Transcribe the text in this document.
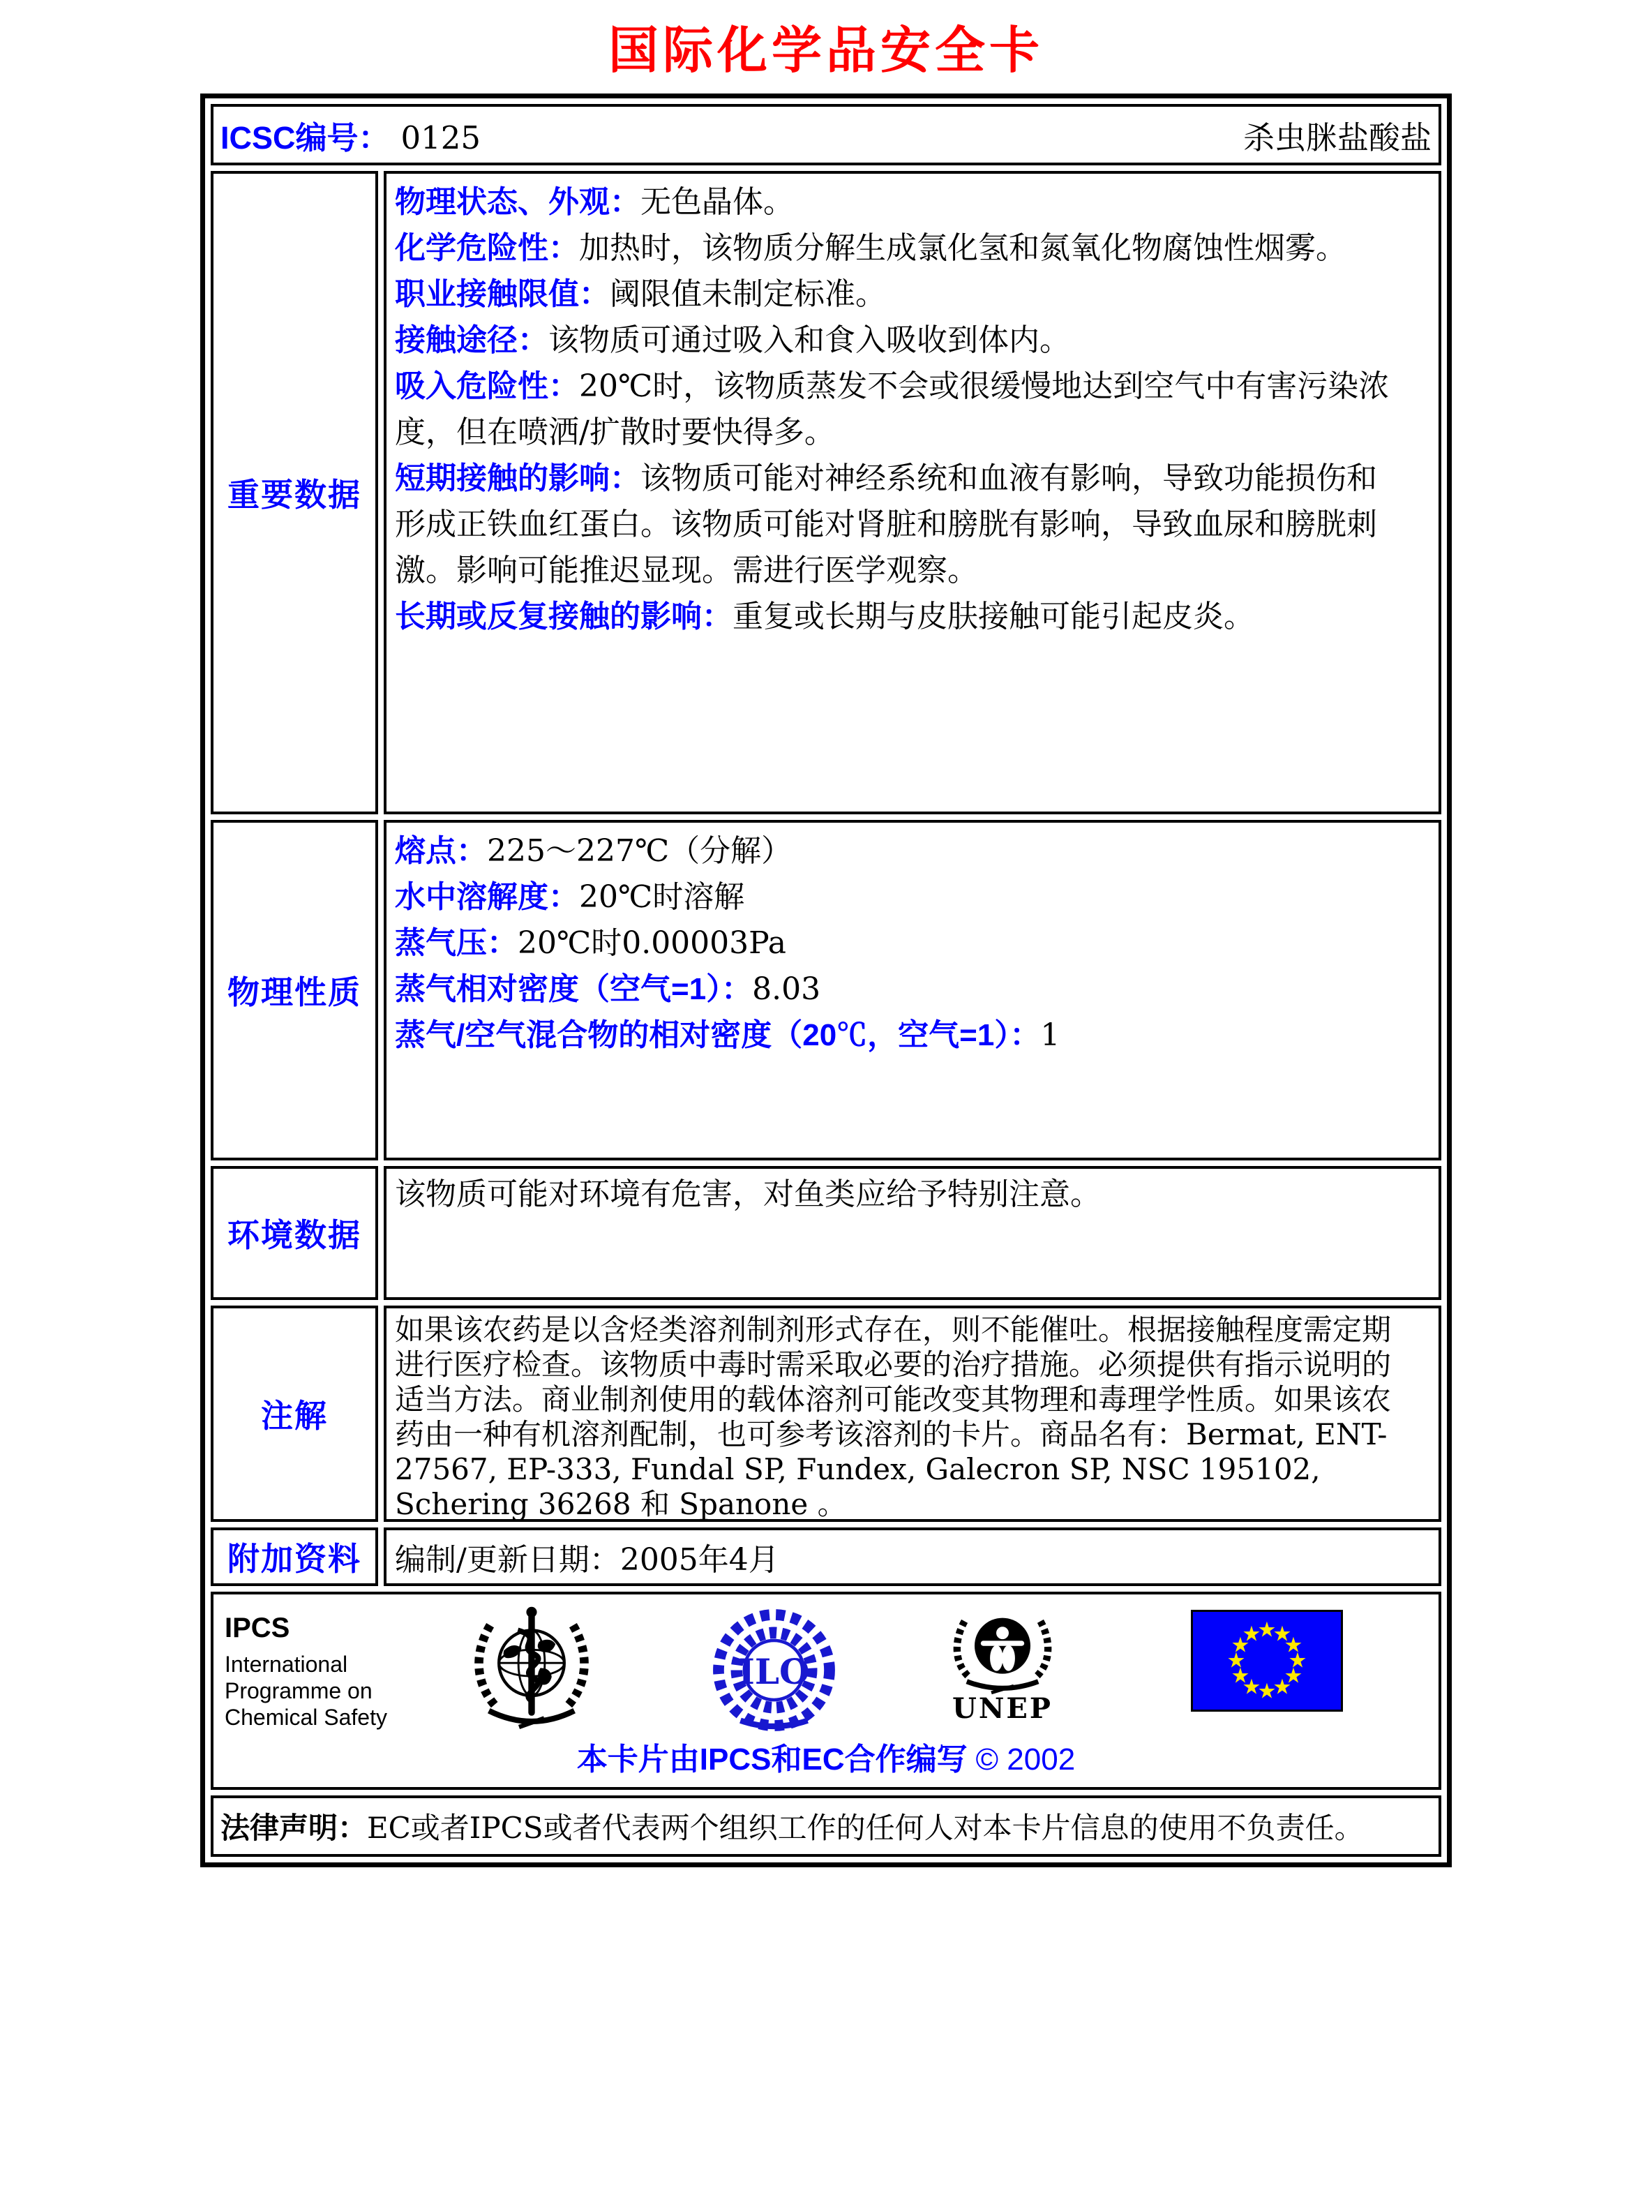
国际化学品安全卡
ICSC编号： 0125	杀虫脒盐酸盐
重要数据

物理状态、外观：无色晶体。

化学危险性：加热时，该物质分解生成氯化氢和氮氧化物腐蚀性烟雾。

职业接触限值：阈限值未制定标准。

接触途径：该物质可通过吸入和食入吸收到体内。

吸入危险性：20℃时，该物质蒸发不会或很缓慢地达到空气中有害污染浓度，但在喷洒/扩散时要快得多。

短期接触的影响：该物质可能对神经系统和血液有影响，导致功能损伤和形成正铁血红蛋白。该物质可能对肾脏和膀胱有影响，导致血尿和膀胱刺激。影响可能推迟显现。需进行医学观察。

长期或反复接触的影响：重复或长期与皮肤接触可能引起皮炎。

物理性质

熔点：225～227℃（分解）

水中溶解度：20℃时溶解

蒸气压：20℃时0.00003Pa

蒸气相对密度（空气=1）：8.03

蒸气/空气混合物的相对密度（20℃，空气=1）：1

环境数据
该物质可能对环境有危害，对鱼类应给予特别注意。
注解
如果该农药是以含烃类溶剂制剂形式存在，则不能催吐。根据接触程度需定期进行医疗检查。该物质中毒时需采取必要的治疗措施。必须提供有指示说明的适当方法。商业制剂使用的载体溶剂可能改变其物理和毒理学性质。如果该农药由一种有机溶剂配制，也可参考该溶剂的卡片。商品名有：Bermat, ENT-27567, EP-333, Fundal SP, Fundex, Galecron SP, NSC 195102, Schering 36268 和 Spanone 。
附加资料	编制/更新日期：2005年4月
IPCS
International
Programme on
Chemical Safety
ILO
UNEP
★
★
★
★
★
★
★
★
★
★
★
★
本卡片由IPCS和EC合作编写 © 2002
法律声明： EC或者IPCS或者代表两个组织工作的任何人对本卡片信息的使用不负责任。
